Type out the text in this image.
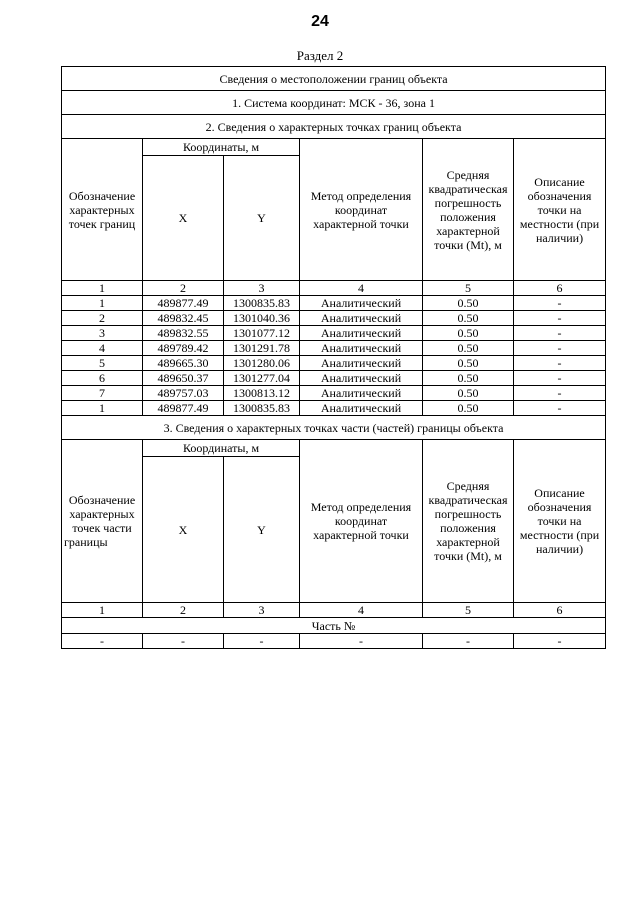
24
Раздел 2
Сведения о местоположении границ объекта					
1. Система координат: МСК - 36, зона 1					
2. Сведения о характерных точках границ объекта					
Обозначение характерных точек границ	Координаты, м		Метод определения координат характерной точки	Средняя квадратическая погрешность положения характерной точки (Mt), м	Описание обозначения точки на местности (при наличии)
	X	Y			
1	2	3	4	5	6
1	489877.49	1300835.83	Аналитический	0.50	-
2	489832.45	1301040.36	Аналитический	0.50	-
3	489832.55	1301077.12	Аналитический	0.50	-
4	489789.42	1301291.78	Аналитический	0.50	-
5	489665.30	1301280.06	Аналитический	0.50	-
6	489650.37	1301277.04	Аналитический	0.50	-
7	489757.03	1300813.12	Аналитический	0.50	-
1	489877.49	1300835.83	Аналитический	0.50	-
3. Сведения о характерных точках части (частей) границы объекта					
Обозначение характерных точек части границы	Координаты, м		Метод определения координат характерной точки	Средняя квадратическая погрешность положения характерной точки (Mt), м	Описание обозначения точки на местности (при наличии)
	X	Y			
1	2	3	4	5	6
Часть №					
-	-	-	-	-	-
